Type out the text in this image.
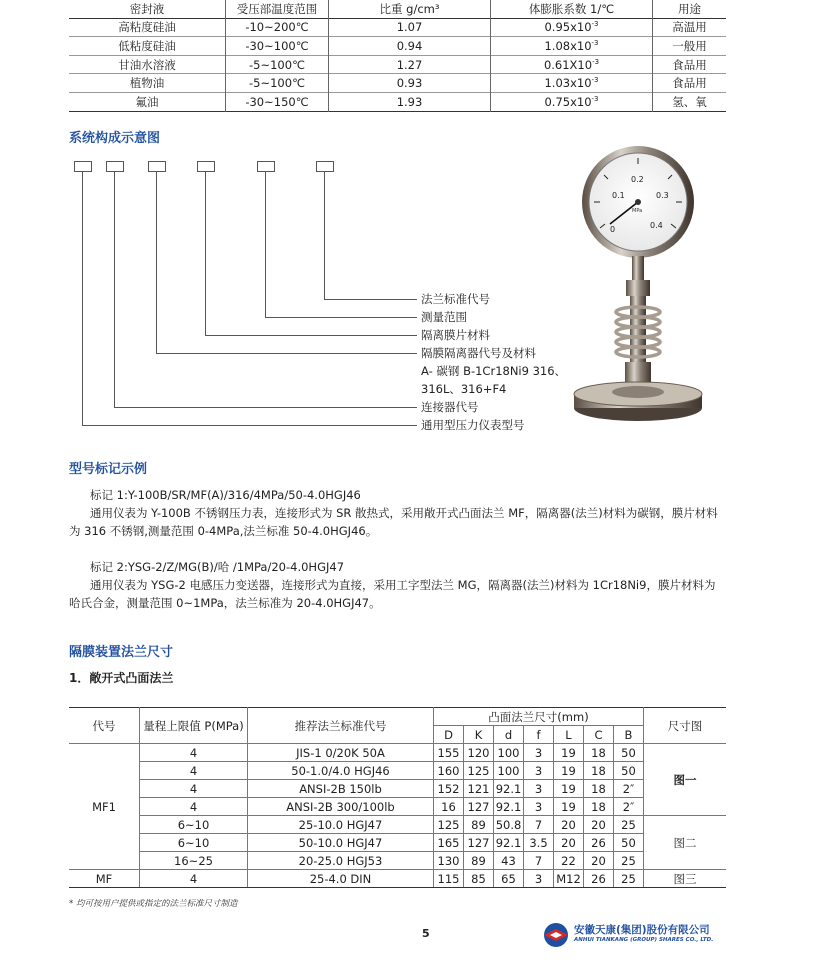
密封液	受压部温度范围	比重 g/cm³	体膨胀系数 1/℃	用途
高粘度硅油	-10~200℃	1.07	$0.95x10^{-3}$	高温用
低粘度硅油	-30~100℃	0.94	$1.08x10^{-3}$	一般用
甘油水溶液	-5~100℃	1.27	$0.61X10^{-3}$	食品用
植物油	-5~100℃	0.93	$1.03x10^{-3}$	食品用
氟油	-30~150℃	1.93	$0.75x10^{-3}$	氢、氧
系统构成示意图
法兰标准代号
测量范围
隔离膜片材料
隔膜隔离器代号及材料
A- 碳钢 B-1Cr18Ni9 316、
316L、316+F4
连接器代号
通用型压力仪表型号
0.1
0.2
0.3
0.4
0
MPa
型号标记示例
标记 1:Y-100B/SR/MF(A)/316/4MPa/50-4.0HGJ46
通用仪表为 Y-100B 不锈钢压力表，连接形式为 SR 散热式，采用敞开式凸面法兰 MF，隔离器(法兰)材料为碳钢，膜片材料
为 316 不锈钢,测量范围 0-4MPa,法兰标准 50-4.0HGJ46。
标记 2:YSG-2/Z/MG(B)/哈 /1MPa/20-4.0HGJ47
通用仪表为 YSG-2 电感压力变送器，连接形式为直接，采用工字型法兰 MG，隔离器(法兰)材料为 1Cr18Ni9，膜片材料为
哈氏合金，测量范围 0~1MPa，法兰标准为 20-4.0HGJ47。
隔膜装置法兰尺寸
1．敞开式凸面法兰
代号	量程上限值 P(MPa)	推荐法兰标准代号	凸面法兰尺寸(mm)							尺寸图
			D	K	d	f	L	C	B	
MF1	4	JIS-1 0/20K 50A	155	120	100	3	19	18	50	图一
	4	50-1.0/4.0 HGJ46	160	125	100	3	19	18	50	
	4	ANSI-2B 150lb	152	121	92.1	3	19	18	2″	
	4	ANSI-2B 300/100lb	16	127	92.1	3	19	18	2″	
	6~10	25-10.0 HGJ47	125	89	50.8	7	20	20	25	图二
	6~10	50-10.0 HGJ47	165	127	92.1	3.5	20	26	50	
	16~25	20-25.0 HGJ53	130	89	43	7	22	20	25	
MF	4	25-4.0 DIN	115	85	65	3	M12	26	25	图三
* 均可按用户提供或指定的法兰标准尺寸制造
5	安徽天康(集团)股份有限公司
ANHUI TIANKANG (GROUP) SHARES CO., LTD.
